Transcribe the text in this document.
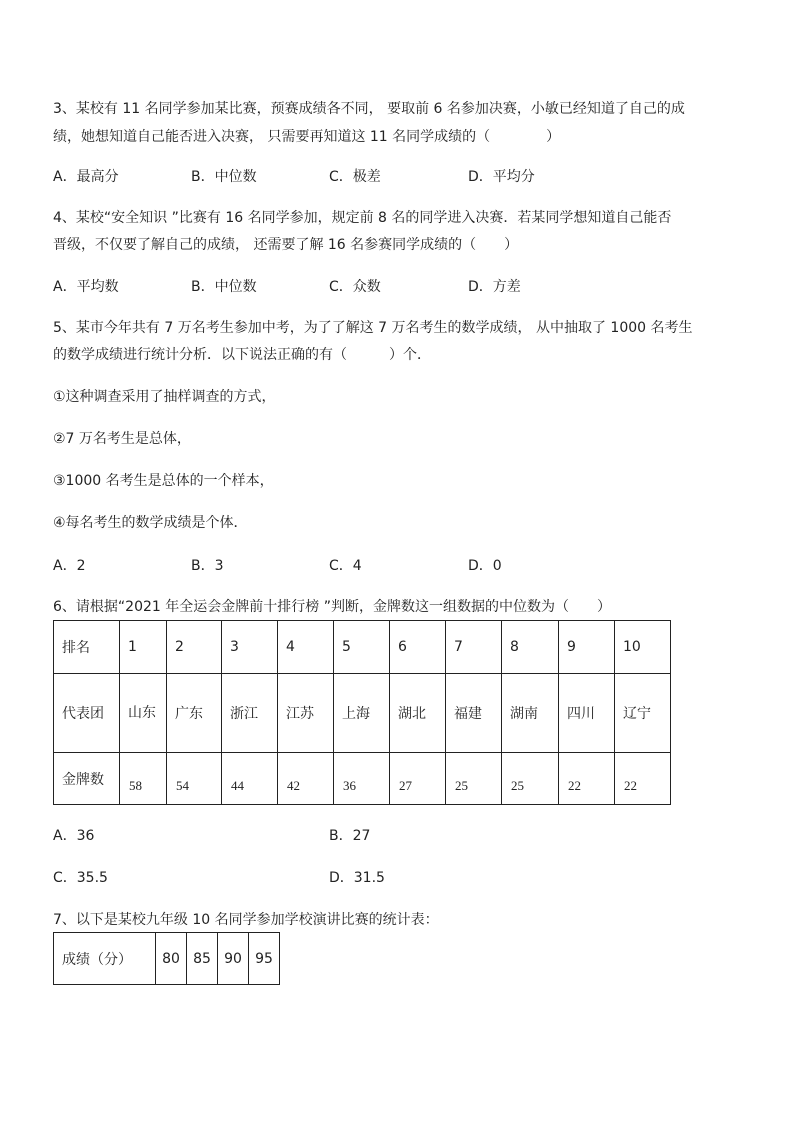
3、某校有 11 名同学参加某比赛，预赛成绩各不同， 要取前 6 名参加决赛，小敏已经知道了自己的成
绩，她想知道自己能否进入决赛， 只需要再知道这 11 名同学成绩的（　　　　）
A．最高分	B．中位数	C．极差	D．平均分
4、某校“安全知识 ”比赛有 16 名同学参加，规定前 8 名的同学进入决赛．若某同学想知道自己能否
晋级，不仅要了解自己的成绩， 还需要了解 16 名参赛同学成绩的（　　）
A．平均数	B．中位数	C．众数	D．方差
5、某市今年共有 7 万名考生参加中考，为了了解这 7 万名考生的数学成绩， 从中抽取了 1000 名考生
的数学成绩进行统计分析．以下说法正确的有（　　　）个．
①这种调查采用了抽样调查的方式，
②7 万名考生是总体，
③1000 名考生是总体的一个样本，
④每名考生的数学成绩是个体．
A．2	B．3	C．4	D．0
6、请根据“2021 年全运会金牌前十排行榜 ”判断，金牌数这一组数据的中位数为（　　）
排名	1	2	3	4	5	6	7	8	9	10
代表团	山东	广东	浙江	江苏	上海	湖北	福建	湖南	四川	辽宁
金牌数	58	54	44	42	36	27	25	25	22	22
A．36	B．27
C．35.5	D．31.5
7、以下是某校九年级 10 名同学参加学校演讲比赛的统计表：
成绩（分）	80	85	90	95
